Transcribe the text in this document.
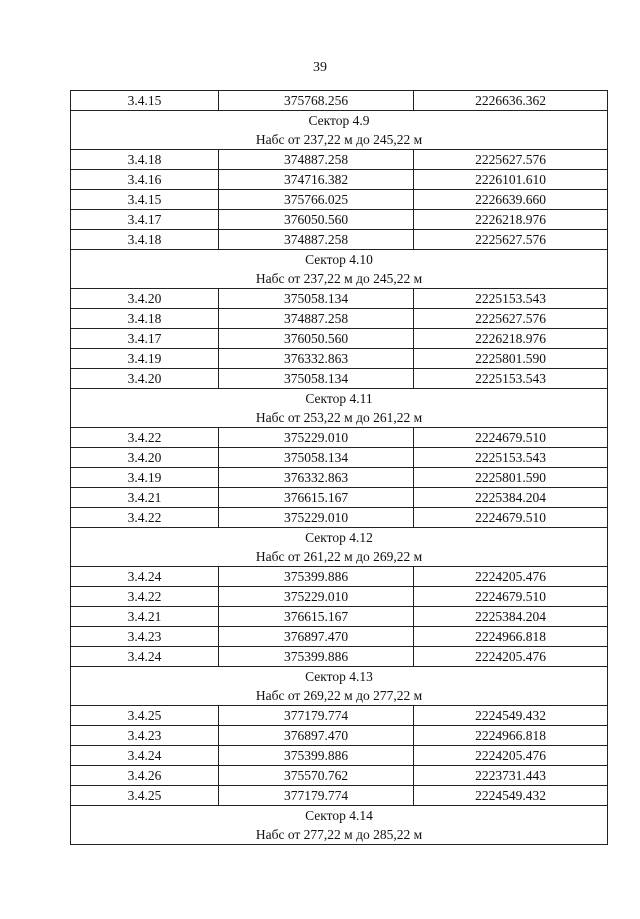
39
3.4.15	375768.256	2226636.362
Сектор 4.9		
Набс от 237,22 м до 245,22 м		
3.4.18	374887.258	2225627.576
3.4.16	374716.382	2226101.610
3.4.15	375766.025	2226639.660
3.4.17	376050.560	2226218.976
3.4.18	374887.258	2225627.576
Сектор 4.10		
Набс от 237,22 м до 245,22 м		
3.4.20	375058.134	2225153.543
3.4.18	374887.258	2225627.576
3.4.17	376050.560	2226218.976
3.4.19	376332.863	2225801.590
3.4.20	375058.134	2225153.543
Сектор 4.11		
Набс от 253,22 м до 261,22 м		
3.4.22	375229.010	2224679.510
3.4.20	375058.134	2225153.543
3.4.19	376332.863	2225801.590
3.4.21	376615.167	2225384.204
3.4.22	375229.010	2224679.510
Сектор 4.12		
Набс от 261,22 м до 269,22 м		
3.4.24	375399.886	2224205.476
3.4.22	375229.010	2224679.510
3.4.21	376615.167	2225384.204
3.4.23	376897.470	2224966.818
3.4.24	375399.886	2224205.476
Сектор 4.13		
Набс от 269,22 м до 277,22 м		
3.4.25	377179.774	2224549.432
3.4.23	376897.470	2224966.818
3.4.24	375399.886	2224205.476
3.4.26	375570.762	2223731.443
3.4.25	377179.774	2224549.432
Сектор 4.14		
Набс от 277,22 м до 285,22 м		
